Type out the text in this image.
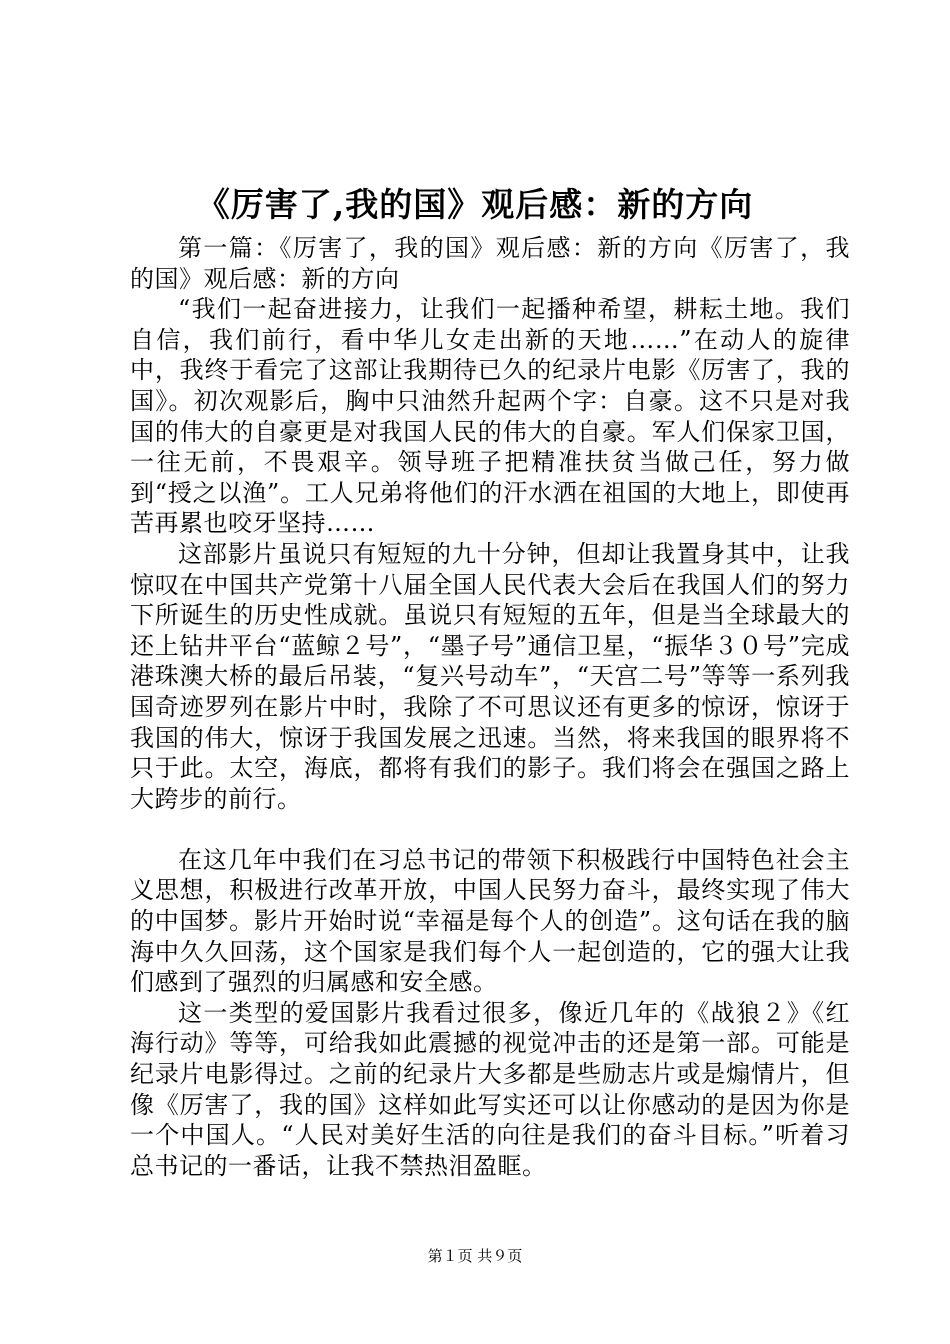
《厉害了,我的国》观后感：新的方向

第一篇：《厉害了，我的国》观后感：新的方向《厉害了，我的国》观后感：新的方向

“我们一起奋进接力，让我们一起播种希望，耕耘土地。我们自信，我们前行，看中华儿女走出新的天地……”在动人的旋律中，我终于看完了这部让我期待已久的纪录片电影《厉害了，我的国》。初次观影后，胸中只油然升起两个字：自豪。这不只是对我国的伟大的自豪更是对我国人民的伟大的自豪。军人们保家卫国，一往无前，不畏艰辛。领导班子把精准扶贫当做己任，努力做到“授之以渔”。工人兄弟将他们的汗水洒在祖国的大地上，即使再苦再累也咬牙坚持……

这部影片虽说只有短短的九十分钟，但却让我置身其中，让我惊叹在中国共产党第十八届全国人民代表大会后在我国人们的努力下所诞生的历史性成就。虽说只有短短的五年，但是当全球最大的还上钻井平台“蓝鲸２号”，“墨子号”通信卫星，“振华３０号”完成港珠澳大桥的最后吊装，“复兴号动车”，“天宫二号”等等一系列我国奇迹罗列在影片中时，我除了不可思议还有更多的惊讶，惊讶于我国的伟大，惊讶于我国发展之迅速。当然，将来我国的眼界将不只于此。太空，海底，都将有我们的影子。我们将会在强国之路上大跨步的前行。

在这几年中我们在习总书记的带领下积极践行中国特色社会主义思想，积极进行改革开放，中国人民努力奋斗，最终实现了伟大的中国梦。影片开始时说“幸福是每个人的创造”。这句话在我的脑海中久久回荡，这个国家是我们每个人一起创造的，它的强大让我们感到了强烈的归属感和安全感。

这一类型的爱国影片我看过很多，像近几年的《战狼２》《红海行动》等等，可给我如此震撼的视觉冲击的还是第一部。可能是纪录片电影得过。之前的纪录片大多都是些励志片或是煽情片，但像《厉害了，我的国》这样如此写实还可以让你感动的是因为你是一个中国人。“人民对美好生活的向往是我们的奋斗目标。”听着习总书记的一番话，让我不禁热泪盈眶。

第１页 共９页
